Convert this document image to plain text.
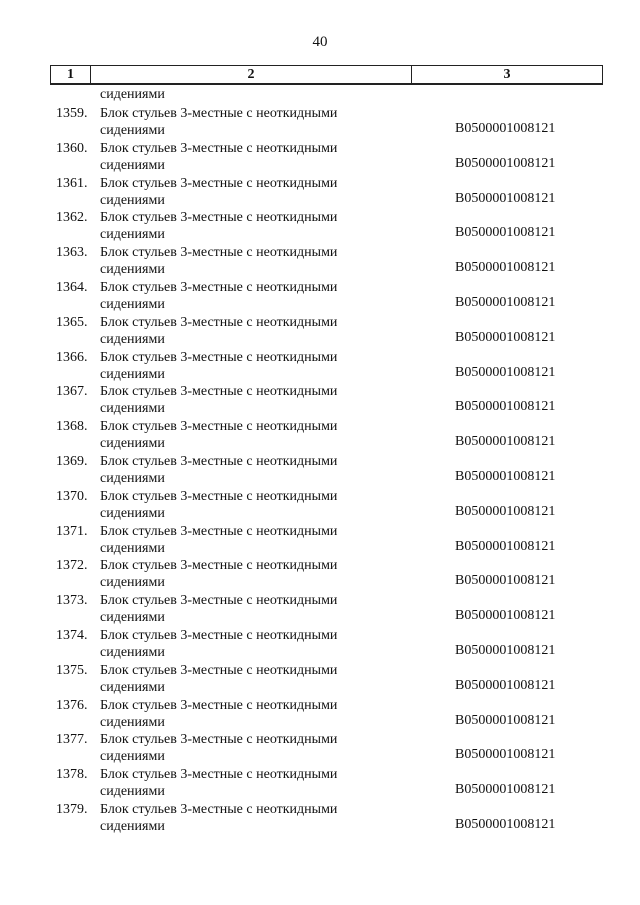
40
1	2	3
сидениями
1359. Блок стульев 3-местные с неоткидными
сидениями	B0500001008121
1360. Блок стульев 3-местные с неоткидными
сидениями	B0500001008121
1361. Блок стульев 3-местные с неоткидными
сидениями	B0500001008121
1362. Блок стульев 3-местные с неоткидными
сидениями	B0500001008121
1363. Блок стульев 3-местные с неоткидными
сидениями	B0500001008121
1364. Блок стульев 3-местные с неоткидными
сидениями	B0500001008121
1365. Блок стульев 3-местные с неоткидными
сидениями	B0500001008121
1366. Блок стульев 3-местные с неоткидными
сидениями	B0500001008121
1367. Блок стульев 3-местные с неоткидными
сидениями	B0500001008121
1368. Блок стульев 3-местные с неоткидными
сидениями	B0500001008121
1369. Блок стульев 3-местные с неоткидными
сидениями	B0500001008121
1370. Блок стульев 3-местные с неоткидными
сидениями	B0500001008121
1371. Блок стульев 3-местные с неоткидными
сидениями	B0500001008121
1372. Блок стульев 3-местные с неоткидными
сидениями	B0500001008121
1373. Блок стульев 3-местные с неоткидными
сидениями	B0500001008121
1374. Блок стульев 3-местные с неоткидными
сидениями	B0500001008121
1375. Блок стульев 3-местные с неоткидными
сидениями	B0500001008121
1376. Блок стульев 3-местные с неоткидными
сидениями	B0500001008121
1377. Блок стульев 3-местные с неоткидными
сидениями	B0500001008121
1378. Блок стульев 3-местные с неоткидными
сидениями	B0500001008121
1379. Блок стульев 3-местные с неоткидными
сидениями	B0500001008121
